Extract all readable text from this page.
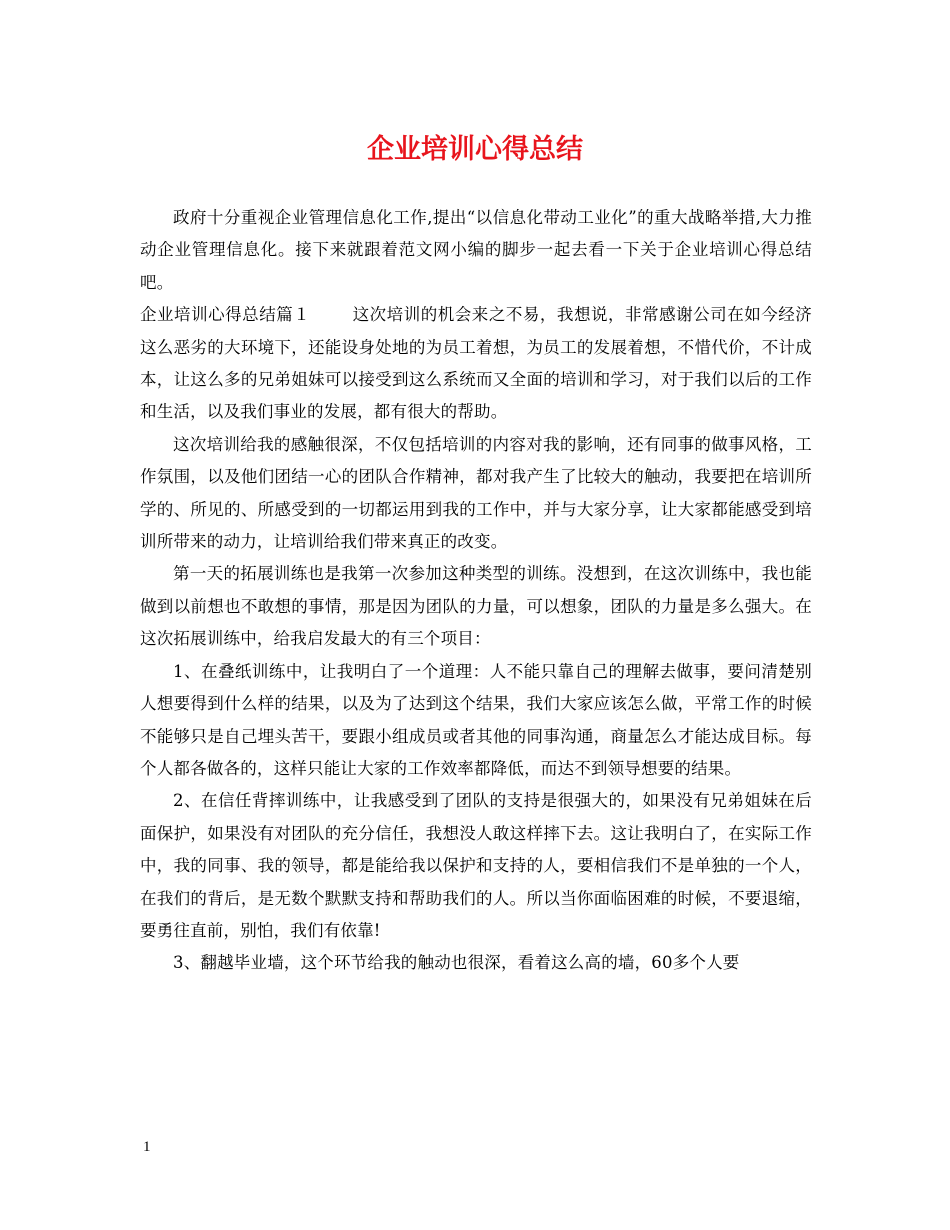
企业培训心得总结

政府十分重视企业管理信息化工作,提出“以信息化带动工业化”的重大战略举措,大力推动企业管理信息化。接下来就跟着范文网小编的脚步一起去看一下关于企业培训心得总结吧。

企业培训心得总结篇１	这次培训的机会来之不易，我想说，非常感谢公司在如今经济这么恶劣的大环境下，还能设身处地的为员工着想，为员工的发展着想，不惜代价，不计成本，让这么多的兄弟姐妹可以接受到这么系统而又全面的培训和学习，对于我们以后的工作和生活，以及我们事业的发展，都有很大的帮助。

这次培训给我的感触很深，不仅包括培训的内容对我的影响，还有同事的做事风格，工作氛围，以及他们团结一心的团队合作精神，都对我产生了比较大的触动，我要把在培训所学的、所见的、所感受到的一切都运用到我的工作中，并与大家分享，让大家都能感受到培训所带来的动力，让培训给我们带来真正的改变。

第一天的拓展训练也是我第一次参加这种类型的训练。没想到，在这次训练中，我也能做到以前想也不敢想的事情，那是因为团队的力量，可以想象，团队的力量是多么强大。在这次拓展训练中，给我启发最大的有三个项目：

1、在叠纸训练中，让我明白了一个道理：人不能只靠自己的理解去做事，要问清楚别人想要得到什么样的结果，以及为了达到这个结果，我们大家应该怎么做，平常工作的时候不能够只是自己埋头苦干，要跟小组成员或者其他的同事沟通，商量怎么才能达成目标。每个人都各做各的，这样只能让大家的工作效率都降低，而达不到领导想要的结果。

2、在信任背摔训练中，让我感受到了团队的支持是很强大的，如果没有兄弟姐妹在后面保护，如果没有对团队的充分信任，我想没人敢这样摔下去。这让我明白了，在实际工作中，我的同事、我的领导，都是能给我以保护和支持的人，要相信我们不是单独的一个人，在我们的背后，是无数个默默支持和帮助我们的人。所以当你面临困难的时候，不要退缩，要勇往直前，别怕，我们有依靠!

3、翻越毕业墙，这个环节给我的触动也很深，看着这么高的墙，60多个人要

1
